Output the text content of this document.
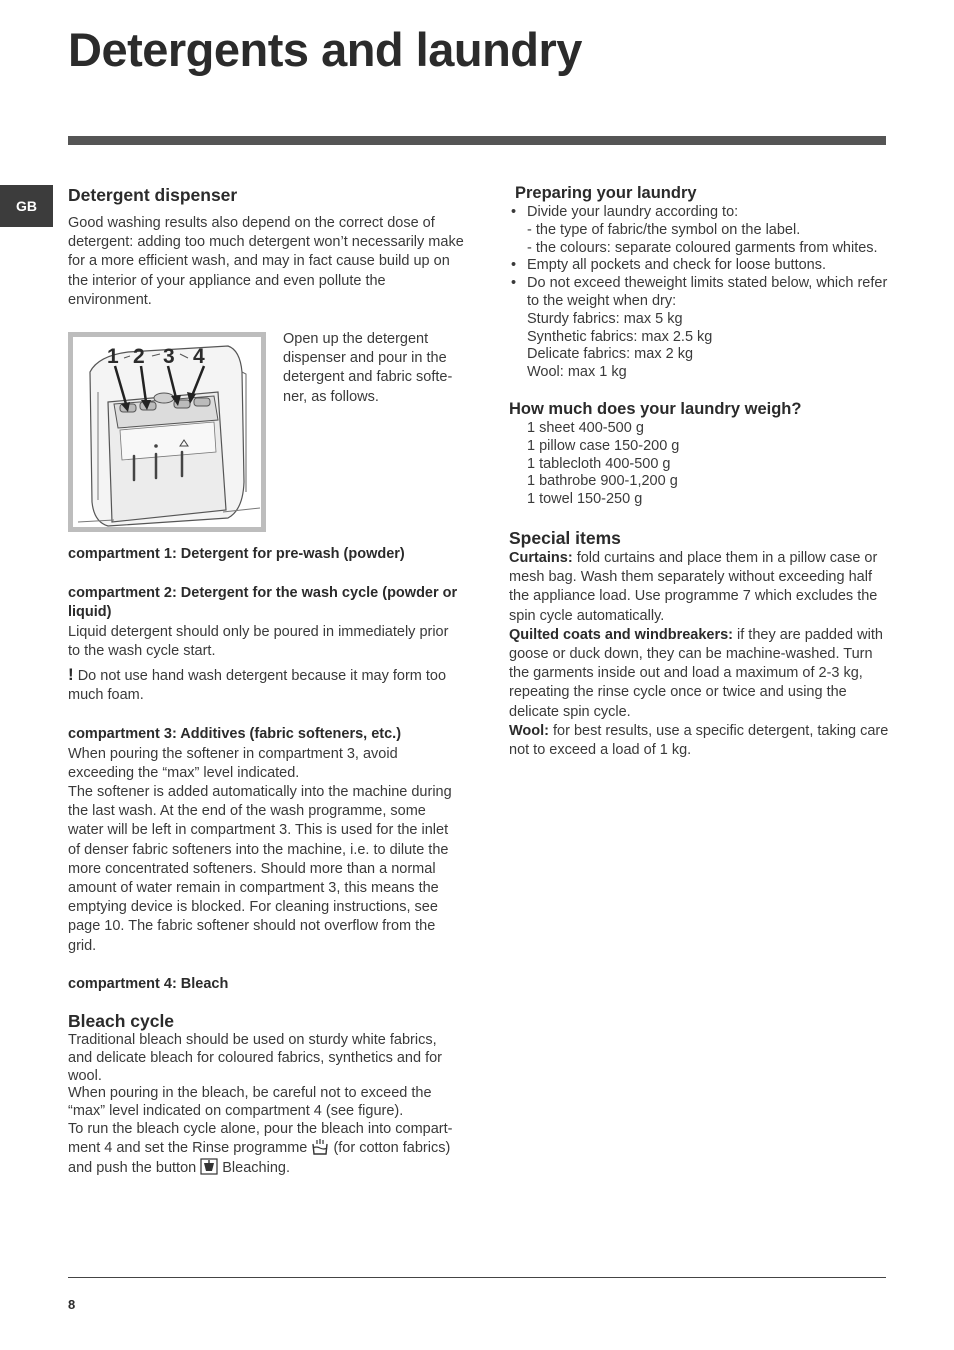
Detergents and laundry
GB
Detergent dispenser

Good washing results also depend on the correct dose of detergent: adding too much detergent won’t necessarily make for a more efficient wash, and may in fact cause build up on the interior of your appliance and even pollute the environment.

1 2 3 4

Open up the detergent dispenser and pour in the detergent and fabric softe-ner, as follows.

compartment 1: Detergent for pre-wash (powder)
compartment 2: Detergent for the wash cycle (powder or liquid)

Liquid detergent should only be poured in immediately prior to the wash cycle start.

! Do not use hand wash detergent because it may form too much foam.

compartment 3: Additives (fabric softeners, etc.)

When pouring the softener in compartment 3, avoid exceeding the “max” level indicated.

The softener is added automatically into the machine during the last wash. At the end of the wash programme, some water will be left in compartment 3. This is used for the inlet of denser fabric softeners into the machine, i.e. to dilute the more concentrated softeners. Should more than a normal amount of water remain in compartment 3, this means the emptying device is blocked. For cleaning instructions, see page 10. The fabric softener should not overflow from the grid.

compartment 4: Bleach
Bleach cycle

Traditional bleach should be used on sturdy white fabrics, and delicate bleach for coloured fabrics, synthetics and for wool.

When pouring in the bleach, be careful not to exceed the “max” level indicated on compartment 4 (see figure).

To run the bleach cycle alone, pour the bleach into compart-ment 4 and set the Rinse programme (for cotton fabrics) and push the button Bleaching.

Preparing your laundry
• Divide your laundry according to:
- the type of fabric/the symbol on the label.
- the colours: separate coloured garments from whites.
• Empty all pockets and check for loose buttons.
• Do not exceed theweight limits stated below, which refer to the weight when dry:
Sturdy fabrics: max 5 kg
Synthetic fabrics: max 2.5 kg
Delicate fabrics: max 2 kg
Wool: max 1 kg
How much does your laundry weigh?
1 sheet 400-500 g
1 pillow case 150-200 g
1 tablecloth 400-500 g
1 bathrobe 900-1,200 g
1 towel 150-250 g
Special items

Curtains: fold curtains and place them in a pillow case or mesh bag. Wash them separately without exceeding half the appliance load. Use programme 7 which excludes the spin cycle automatically.

Quilted coats and windbreakers: if they are padded with goose or duck down, they can be machine-washed. Turn the garments inside out and load a maximum of 2-3 kg, repeating the rinse cycle once or twice and using the delicate spin cycle.

Wool: for best results, use a specific detergent, taking care not to exceed a load of 1 kg.

8
